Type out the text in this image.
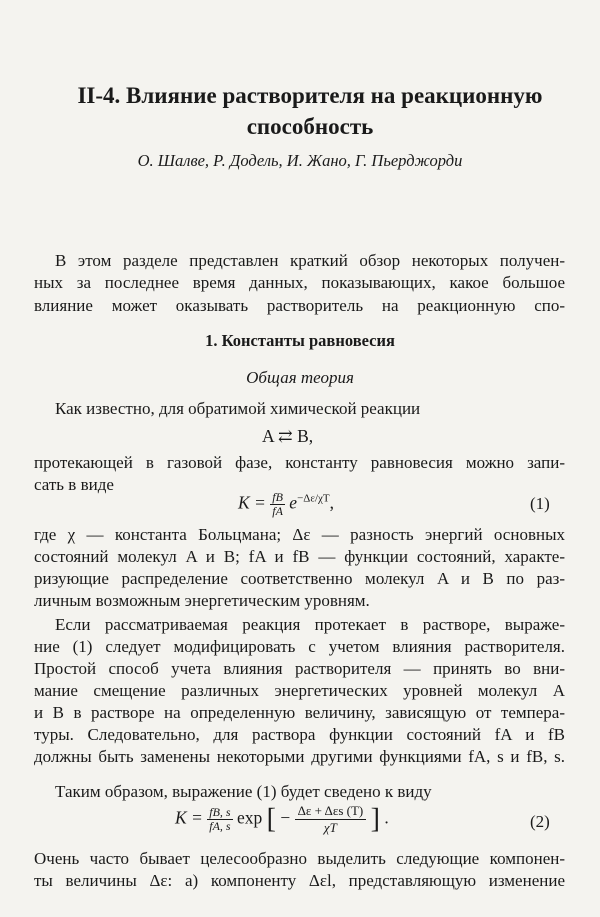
II-4. Влияние растворителя на реакционную способность
О. Шалве, Р. Додель, И. Жано, Г. Пьерджорди
В этом разделе представлен краткий обзор некоторых получен-
ных за последнее время данных, показывающих, какое большое
влияние может оказывать растворитель на реакционную спо-
1. Константы равновесия
Общая теория
Как известно, для обратимой химической реакции
A ⇄ B,
протекающей в газовой фазе, константу равновесия можно запи-
сать в виде
$K = \frac{fB}{fA} e^{-\Delta\varepsilon/\chi T}$,	(1)
где χ — константа Больцмана; Δε — разность энергий основных
состояний молекул A и B; fA и fB — функции состояний, характе-
ризующие распределение соответственно молекул A и B по раз-
личным возможным энергетическим уровням.
Если рассматриваемая реакция протекает в растворе, выраже-
ние (1) следует модифицировать с учетом влияния растворителя.
Простой способ учета влияния растворителя — принять во вни-
мание смещение различных энергетических уровней молекул A
и B в растворе на определенную величину, зависящую от темпера-
туры. Следовательно, для раствора функции состояний fA и fB
должны быть заменены некоторыми другими функциями fA, s и fB, s.
Таким образом, выражение (1) будет сведено к виду
$K = \frac{fB, s}{fA, s}$ exp [ − $\frac{\text{Δε + Δεs (T)}}{\chi T}$ ] .	(2)
Очень часто бывает целесообразно выделить следующие компонен-
ты величины Δε: а) компоненту Δεl, представляющую изменение
